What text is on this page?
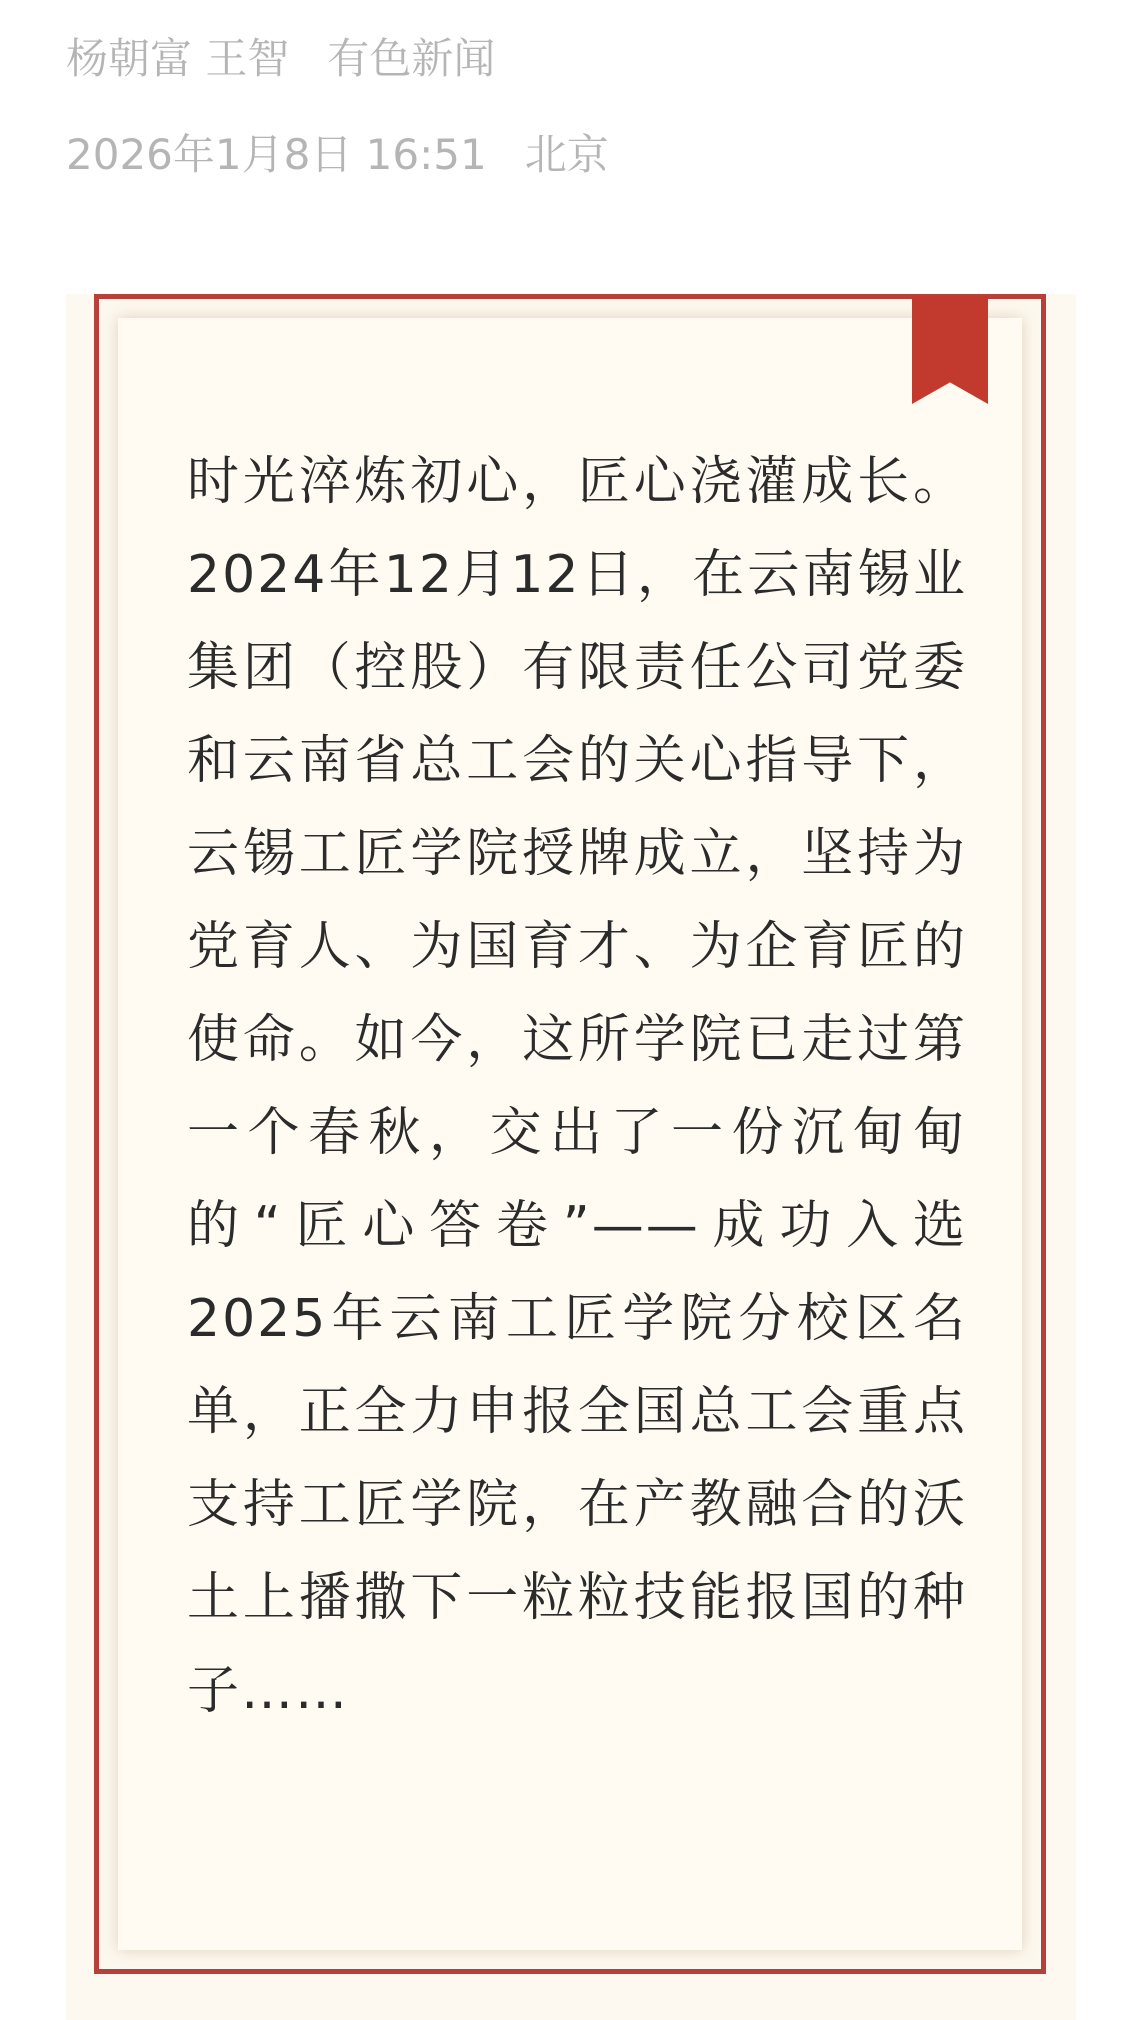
杨朝富 王智 有色新闻
2026年1月8日 16:51 北京

时光淬炼初心，匠心浇灌成长。2024年12月12日，在云南锡业集团（控股）有限责任公司党委和云南省总工会的关心指导下，云锡工匠学院授牌成立，坚持为党育人、为国育才、为企育匠的使命。如今，这所学院已走过第一个春秋，交出了一份沉甸甸的“匠心答卷”——成功入选2025年云南工匠学院分校区名单，正全力申报全国总工会重点支持工匠学院，在产教融合的沃土上播撒下一粒粒技能报国的种子……
